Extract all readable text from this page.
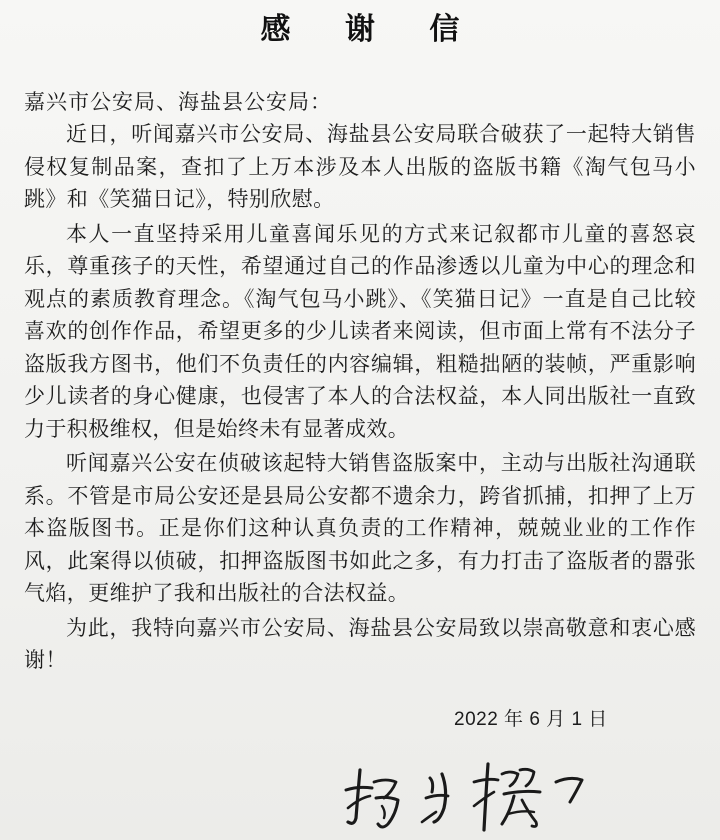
感 谢 信
嘉兴市公安局、海盐县公安局：

近日，听闻嘉兴市公安局、海盐县公安局联合破获了一起特大销售侵权复制品案，查扣了上万本涉及本人出版的盗版书籍《淘气包马小跳》和《笑猫日记》，特别欣慰。

本人一直坚持采用儿童喜闻乐见的方式来记叙都市儿童的喜怒哀乐，尊重孩子的天性，希望通过自己的作品渗透以儿童为中心的理念和观点的素质教育理念。《淘气包马小跳》、《笑猫日记》一直是自己比较喜欢的创作作品，希望更多的少儿读者来阅读，但市面上常有不法分子盗版我方图书，他们不负责任的内容编辑，粗糙拙陋的装帧，严重影响少儿读者的身心健康，也侵害了本人的合法权益，本人同出版社一直致力于积极维权，但是始终未有显著成效。

听闻嘉兴公安在侦破该起特大销售盗版案中，主动与出版社沟通联系。不管是市局公安还是县局公安都不遗余力，跨省抓捕，扣押了上万本盗版图书。正是你们这种认真负责的工作精神，兢兢业业的工作作风，此案得以侦破，扣押盗版图书如此之多，有力打击了盗版者的嚣张气焰，更维护了我和出版社的合法权益。

为此，我特向嘉兴市公安局、海盐县公安局致以崇高敬意和衷心感谢！

2022 年 6 月 1 日
